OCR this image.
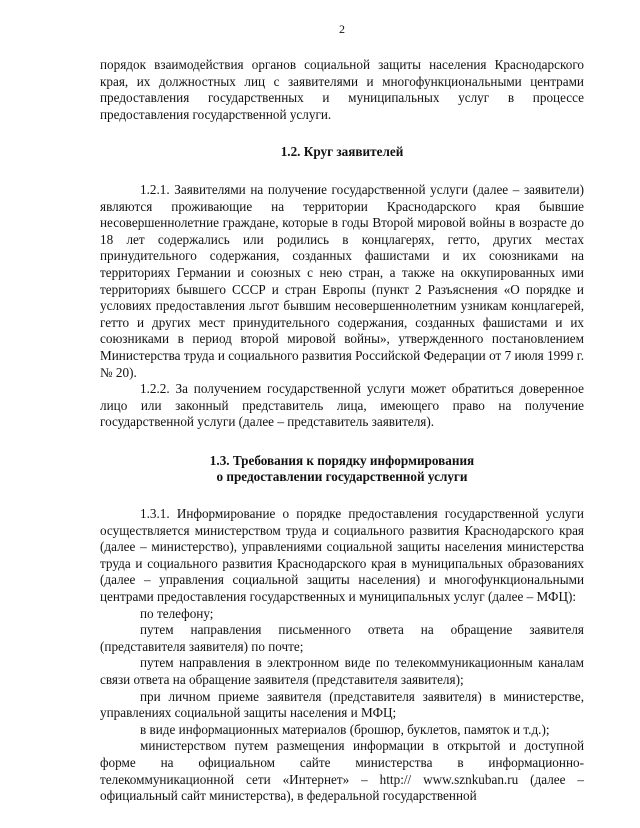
2

порядок взаимодействия органов социальной защиты населения Краснодарского края, их должностных лиц с заявителями и многофункциональными центрами предоставления государственных и муниципальных услуг в процессе предоставления государственной услуги.

1.2. Круг заявителей

1.2.1. Заявителями на получение государственной услуги (далее – заявители) являются проживающие на территории Краснодарского края бывшие несовершеннолетние граждане, которые в годы Второй мировой войны в возрасте до 18 лет содержались или родились в концлагерях, гетто, других местах принудительного содержания, созданных фашистами и их союзниками на территориях Германии и союзных с нею стран, а также на оккупированных ими территориях бывшего СССР и стран Европы (пункт 2 Разъяснения «О порядке и условиях предоставления льгот бывшим несовершеннолетним узникам концлагерей, гетто и других мест принудительного содержания, созданных фашистами и их союзниками в период второй мировой войны», утвержденного постановлением Министерства труда и социального развития Российской Федерации от 7 июля 1999 г. № 20).

1.2.2. За получением государственной услуги может обратиться доверенное лицо или законный представитель лица, имеющего право на получение государственной услуги (далее – представитель заявителя).

1.3. Требования к порядку информирования
о предоставлении государственной услуги

1.3.1. Информирование о порядке предоставления государственной услуги осуществляется министерством труда и социального развития Краснодарского края (далее – министерство), управлениями социальной защиты населения министерства труда и социального развития Краснодарского края в муниципальных образованиях (далее – управления социальной защиты населения) и многофункциональными центрами предоставления государственных и муниципальных услуг (далее – МФЦ):

по телефону;

путем направления письменного ответа на обращение заявителя (представителя заявителя) по почте;

путем направления в электронном виде по телекоммуникационным каналам связи ответа на обращение заявителя (представителя заявителя);

при личном приеме заявителя (представителя заявителя) в министерстве, управлениях социальной защиты населения и МФЦ;

в виде информационных материалов (брошюр, буклетов, памяток и т.д.);

министерством путем размещения информации в открытой и доступной форме на официальном сайте министерства в информационно-телекоммуникационной сети «Интернет» – http:// www.sznkuban.ru (далее – официальный сайт министерства), в федеральной государственной
